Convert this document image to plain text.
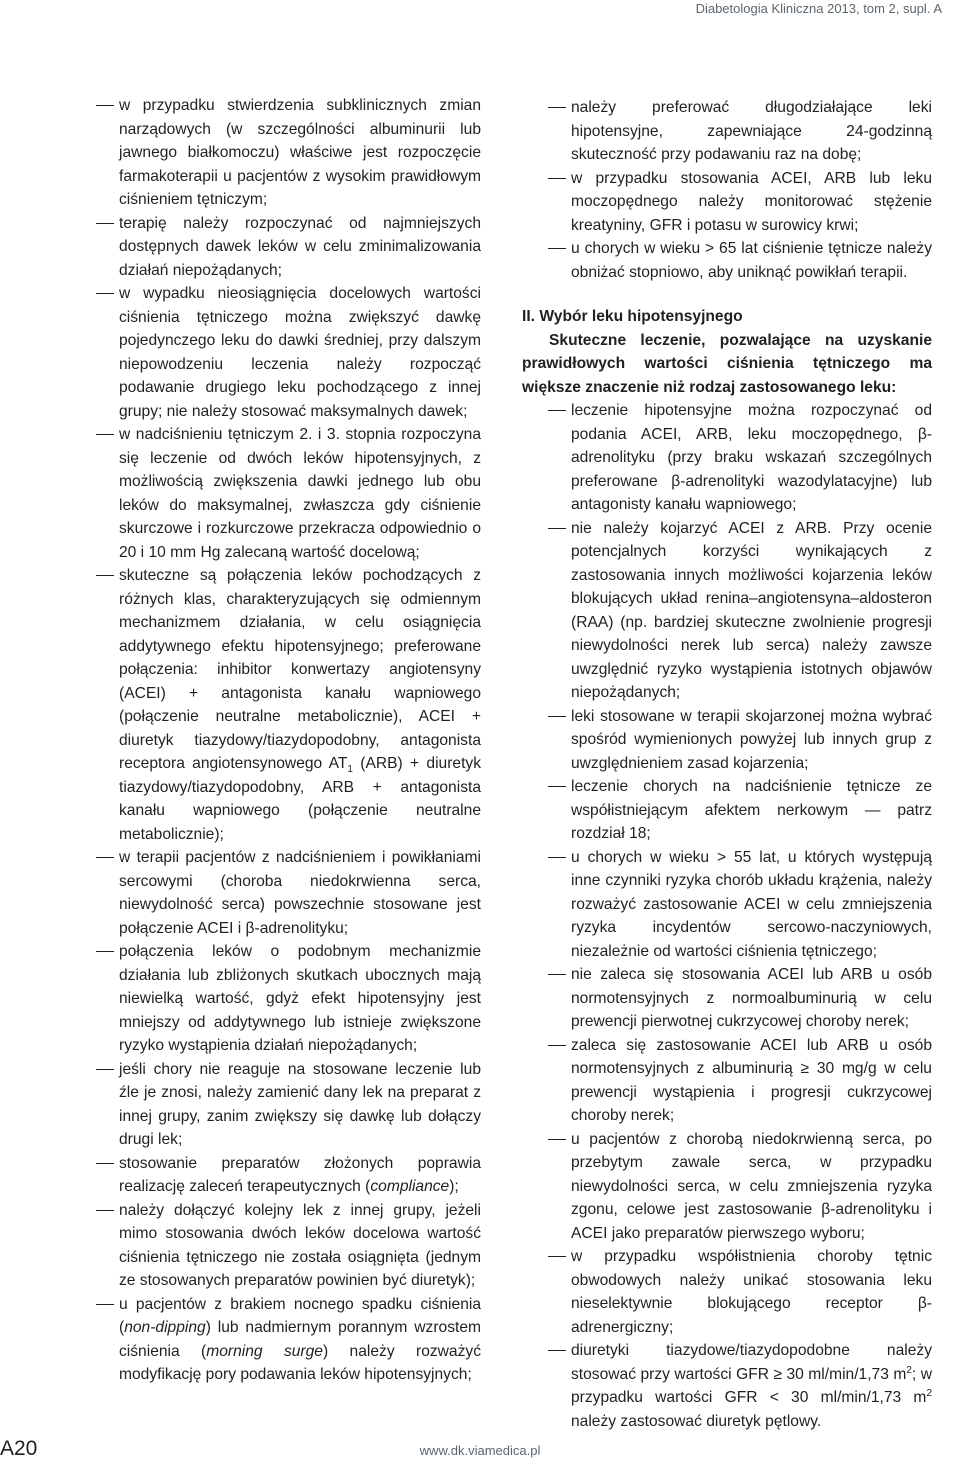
Diabetologia Kliniczna 2013, tom 2, supl. A

w przypadku stwierdzenia subklinicznych zmian narządowych (w szczególności albuminurii lub jawnego białkomoczu) właściwe jest rozpoczęcie farmakoterapii u pacjentów z wysokim prawidłowym ciśnieniem tętniczym;

terapię należy rozpoczynać od najmniejszych dostępnych dawek leków w celu zminimalizowania działań niepożądanych;

w wypadku nieosiągnięcia docelowych wartości ciśnienia tętniczego można zwiększyć dawkę pojedynczego leku do dawki średniej, przy dalszym niepowodzeniu leczenia należy rozpocząć podawanie drugiego leku pochodzącego z innej grupy; nie należy stosować maksymalnych dawek;

w nadciśnieniu tętniczym 2. i 3. stopnia rozpoczyna się leczenie od dwóch leków hipotensyjnych, z możliwością zwiększenia dawki jednego lub obu leków do maksymalnej, zwłaszcza gdy ciśnienie skurczowe i rozkurczowe przekracza odpowiednio o 20 i 10 mm Hg zalecaną wartość docelową;

skuteczne są połączenia leków pochodzących z różnych klas, charakteryzujących się odmiennym mechanizmem działania, w celu osiągnięcia addytywnego efektu hipotensyjnego; preferowane połączenia: inhibitor konwertazy angiotensyny (ACEI) + antagonista kanału wapniowego (połączenie neutralne metabolicznie), ACEI + diuretyk tiazydowy/tiazydopodobny, antagonista receptora angiotensynowego $AT_1$ (ARB) + diuretyk tiazydowy/tiazydopodobny, ARB + antagonista kanału wapniowego (połączenie neutralne metabolicznie);

w terapii pacjentów z nadciśnieniem i powikłaniami sercowymi (choroba niedokrwienna serca, niewydolność serca) powszechnie stosowane jest połączenie ACEI i β-adrenolityku;

połączenia leków o podobnym mechanizmie działania lub zbliżonych skutkach ubocznych mają niewielką wartość, gdyż efekt hipotensyjny jest mniejszy od addytywnego lub istnieje zwiększone ryzyko wystąpienia działań niepożądanych;

jeśli chory nie reaguje na stosowane leczenie lub źle je znosi, należy zamienić dany lek na preparat z innej grupy, zanim zwiększy się dawkę lub dołączy drugi lek;

stosowanie preparatów złożonych poprawia realizację zaleceń terapeutycznych (compliance);

należy dołączyć kolejny lek z innej grupy, jeżeli mimo stosowania dwóch leków docelowa wartość ciśnienia tętniczego nie została osiągnięta (jednym ze stosowanych preparatów powinien być diuretyk);

u pacjentów z brakiem nocnego spadku ciśnienia (non-dipping) lub nadmiernym porannym wzrostem ciśnienia (morning surge) należy rozważyć modyfikację pory podawania leków hipotensyjnych;

należy preferować długodziałające leki hipotensyjne, zapewniające 24-godzinną skuteczność przy podawaniu raz na dobę;

w przypadku stosowania ACEI, ARB lub leku moczopędnego należy monitorować stężenie kreatyniny, GFR i potasu w surowicy krwi;

u chorych w wieku > 65 lat ciśnienie tętnicze należy obniżać stopniowo, aby uniknąć powikłań terapii.

II. Wybór leku hipotensyjnego

Skuteczne leczenie, pozwalające na uzyskanie prawidłowych wartości ciśnienia tętniczego ma większe znaczenie niż rodzaj zastosowanego leku:

leczenie hipotensyjne można rozpoczynać od podania ACEI, ARB, leku moczopędnego, β-adrenolityku (przy braku wskazań szczególnych preferowane β-adrenolityki wazodylatacyjne) lub antagonisty kanału wapniowego;

nie należy kojarzyć ACEI z ARB. Przy ocenie potencjalnych korzyści wynikających z zastosowania innych możliwości kojarzenia leków blokujących układ renina–angiotensyna–aldosteron (RAA) (np. bardziej skuteczne zwolnienie progresji niewydolności nerek lub serca) należy zawsze uwzględnić ryzyko wystąpienia istotnych objawów niepożądanych;

leki stosowane w terapii skojarzonej można wybrać spośród wymienionych powyżej lub innych grup z uwzględnieniem zasad kojarzenia;

leczenie chorych na nadciśnienie tętnicze ze współistniejącym afektem nerkowym — patrz rozdział 18;

u chorych w wieku > 55 lat, u których występują inne czynniki ryzyka chorób układu krążenia, należy rozważyć zastosowanie ACEI w celu zmniejszenia ryzyka incydentów sercowo-naczyniowych, niezależnie od wartości ciśnienia tętniczego;

nie zaleca się stosowania ACEI lub ARB u osób normotensyjnych z normoalbuminurią w celu prewencji pierwotnej cukrzycowej choroby nerek;

zaleca się zastosowanie ACEI lub ARB u osób normotensyjnych z albuminurią ≥ 30 mg/g w celu prewencji wystąpienia i progresji cukrzycowej choroby nerek;

u pacjentów z chorobą niedokrwienną serca, po przebytym zawale serca, w przypadku niewydolności serca, w celu zmniejszenia ryzyka zgonu, celowe jest zastosowanie β-adrenolityku i ACEI jako preparatów pierwszego wyboru;

w przypadku współistnienia choroby tętnic obwodowych należy unikać stosowania leku nieselektywnie blokującego receptor β-adrenergiczny;

diuretyki tiazydowe/tiazydopodobne należy stosować przy wartości GFR ≥ 30 ml/min/1,73 $m^2$; w przypadku wartości GFR < 30 ml/min/1,73 $m^2$ należy zastosować diuretyk pętlowy.

A20	www.dk.viamedica.pl
